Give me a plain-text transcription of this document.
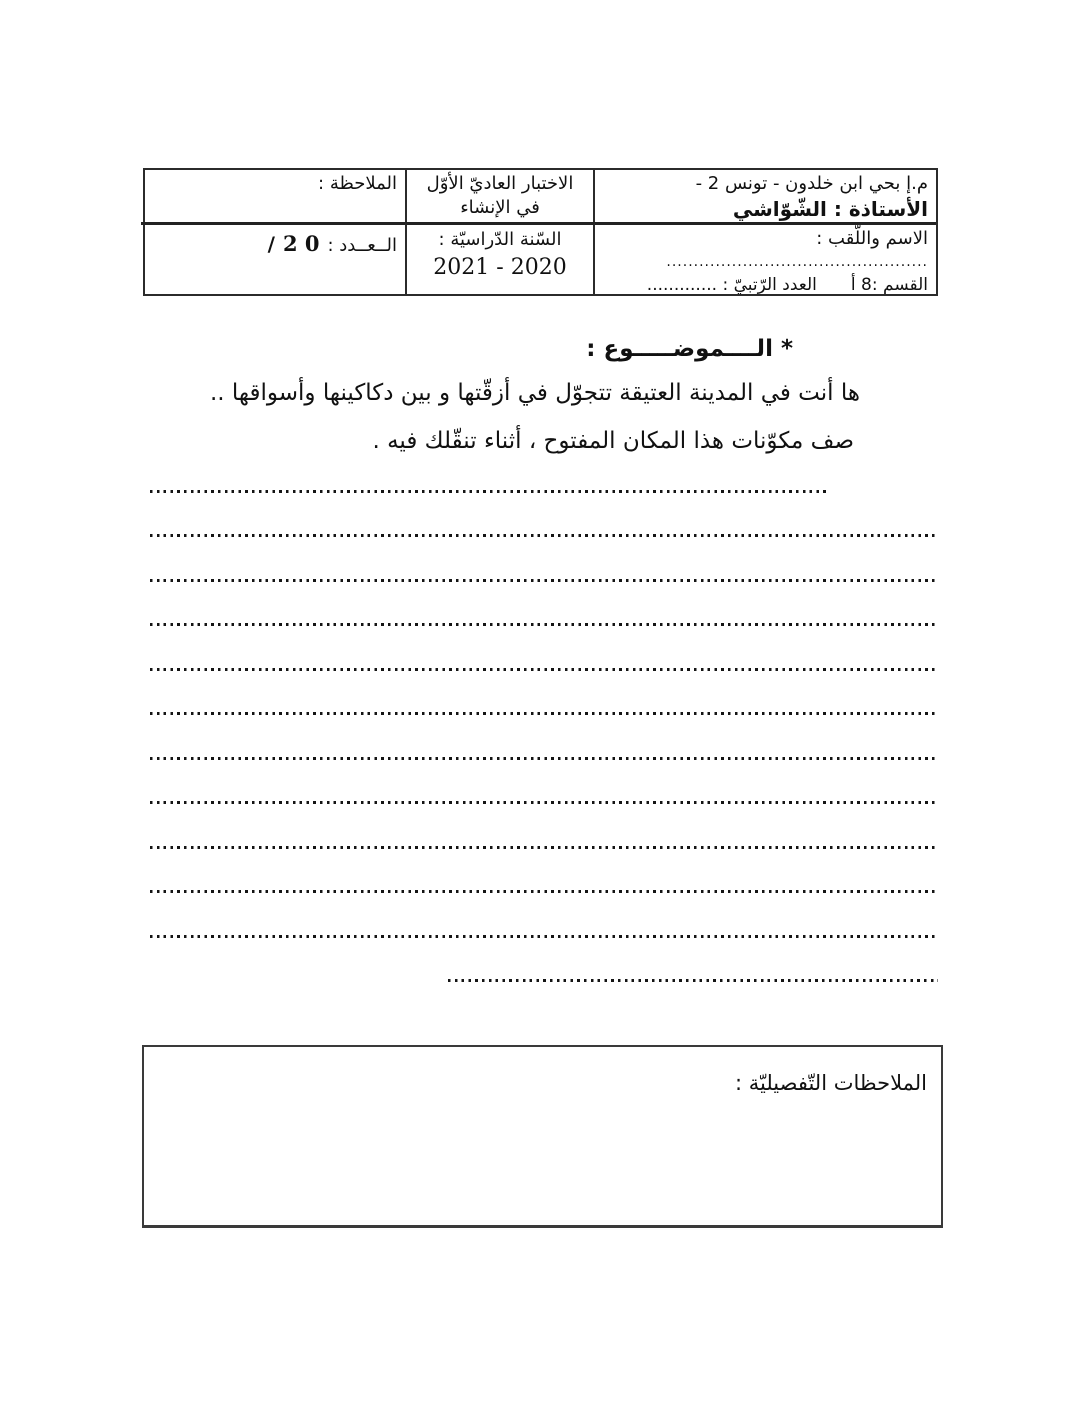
م.إ بحي ابن خلدون - تونس 2 -
الأستاذة : الشّوّاشي
الاختبار العاديّ الأوّل
في الإنشاء
الملاحظة :
الاسم واللّقب :
................................................
القسم :8 أ
العدد الرّتبيّ : .............
السّنة الدّراسيّة :
2021 - 2020
الــعــدد :2 0/
* الــــموضـــــوع :
ها أنت في المدينة العتيقة تتجوّل في أزقّتها و بين دكاكينها وأسواقها ..
صف مكوّنات هذا المكان المفتوح ، أثناء تنقّلك فيه .
الملاحظات التّفصيليّة :
